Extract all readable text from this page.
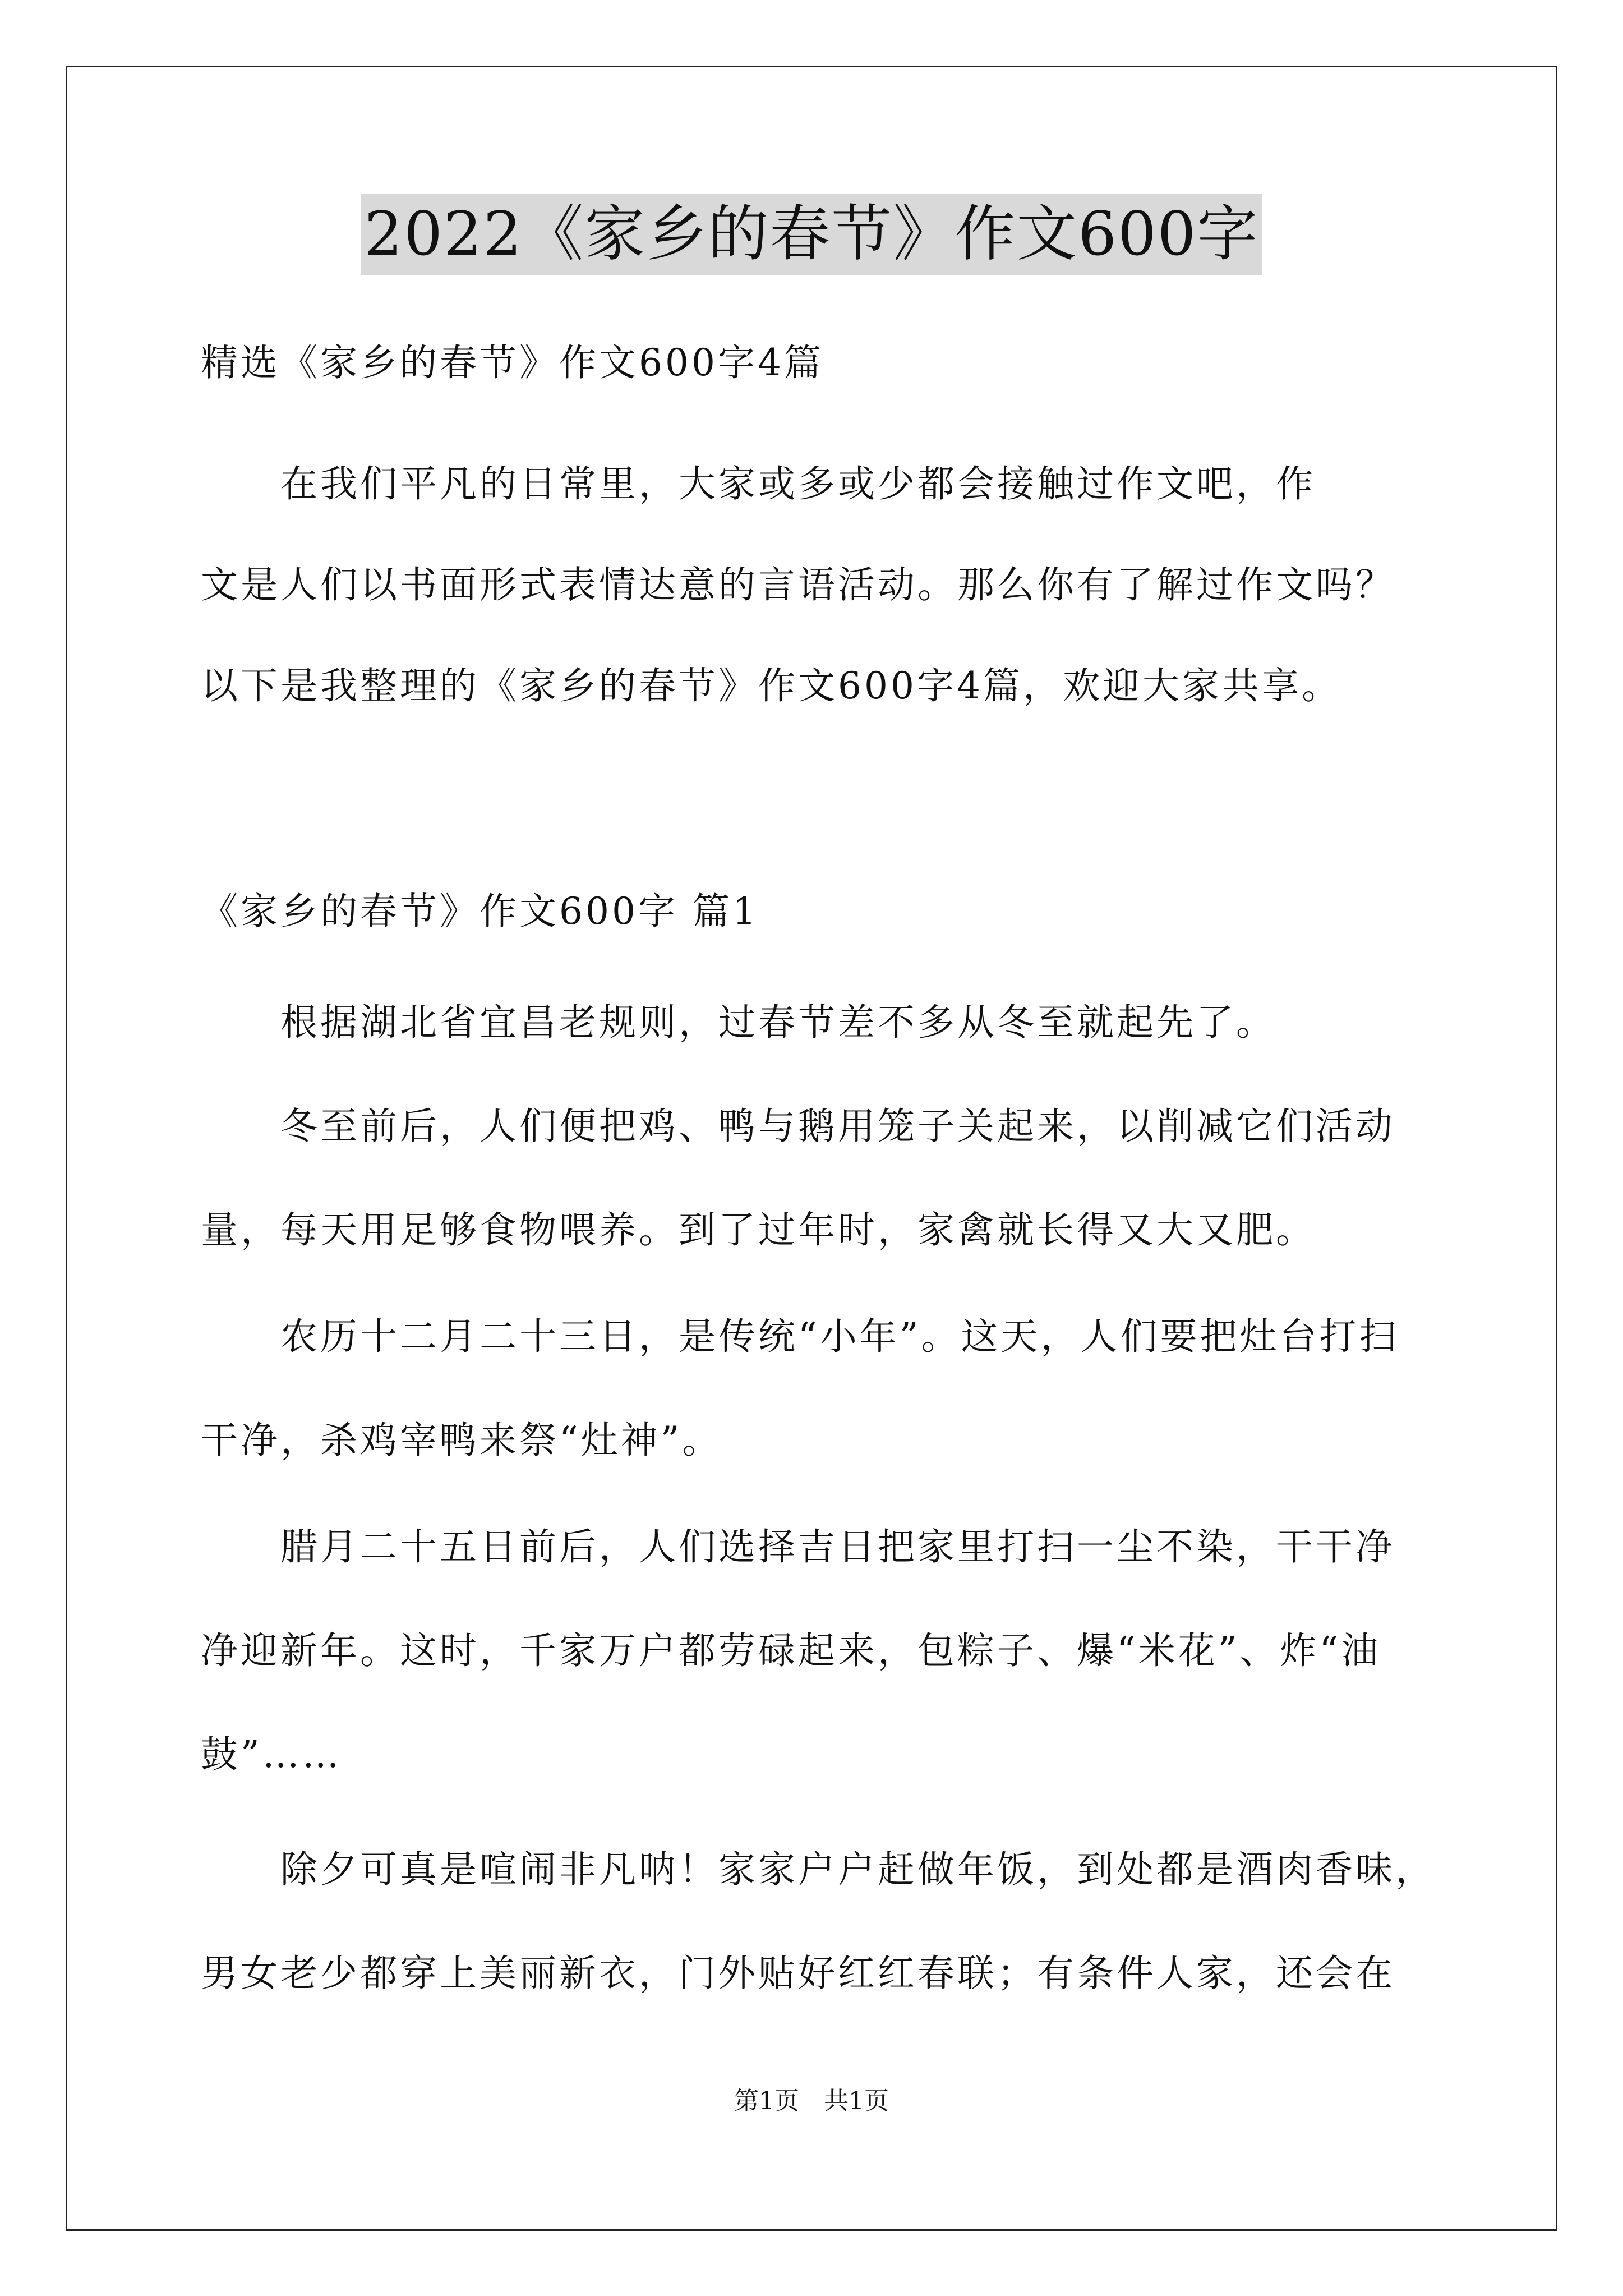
2022《家乡的春节》作文600字
精选《家乡的春节》作文600字4篇
　　在我们平凡的日常里，大家或多或少都会接触过作文吧，作
文是人们以书面形式表情达意的言语活动。那么你有了解过作文吗？
以下是我整理的《家乡的春节》作文600字4篇，欢迎大家共享。
《家乡的春节》作文600字 篇1
　　根据湖北省宜昌老规则，过春节差不多从冬至就起先了。
　　冬至前后，人们便把鸡、鸭与鹅用笼子关起来，以削减它们活动
量，每天用足够食物喂养。到了过年时，家禽就长得又大又肥。
　　农历十二月二十三日，是传统“小年”。这天，人们要把灶台打扫
干净，杀鸡宰鸭来祭“灶神”。
　　腊月二十五日前后，人们选择吉日把家里打扫一尘不染，干干净
净迎新年。这时，千家万户都劳碌起来，包粽子、爆“米花”、炸“油
鼓”……
　　除夕可真是喧闹非凡呐！家家户户赶做年饭，到处都是酒肉香味，
男女老少都穿上美丽新衣，门外贴好红红春联；有条件人家，还会在
第1页　共1页
